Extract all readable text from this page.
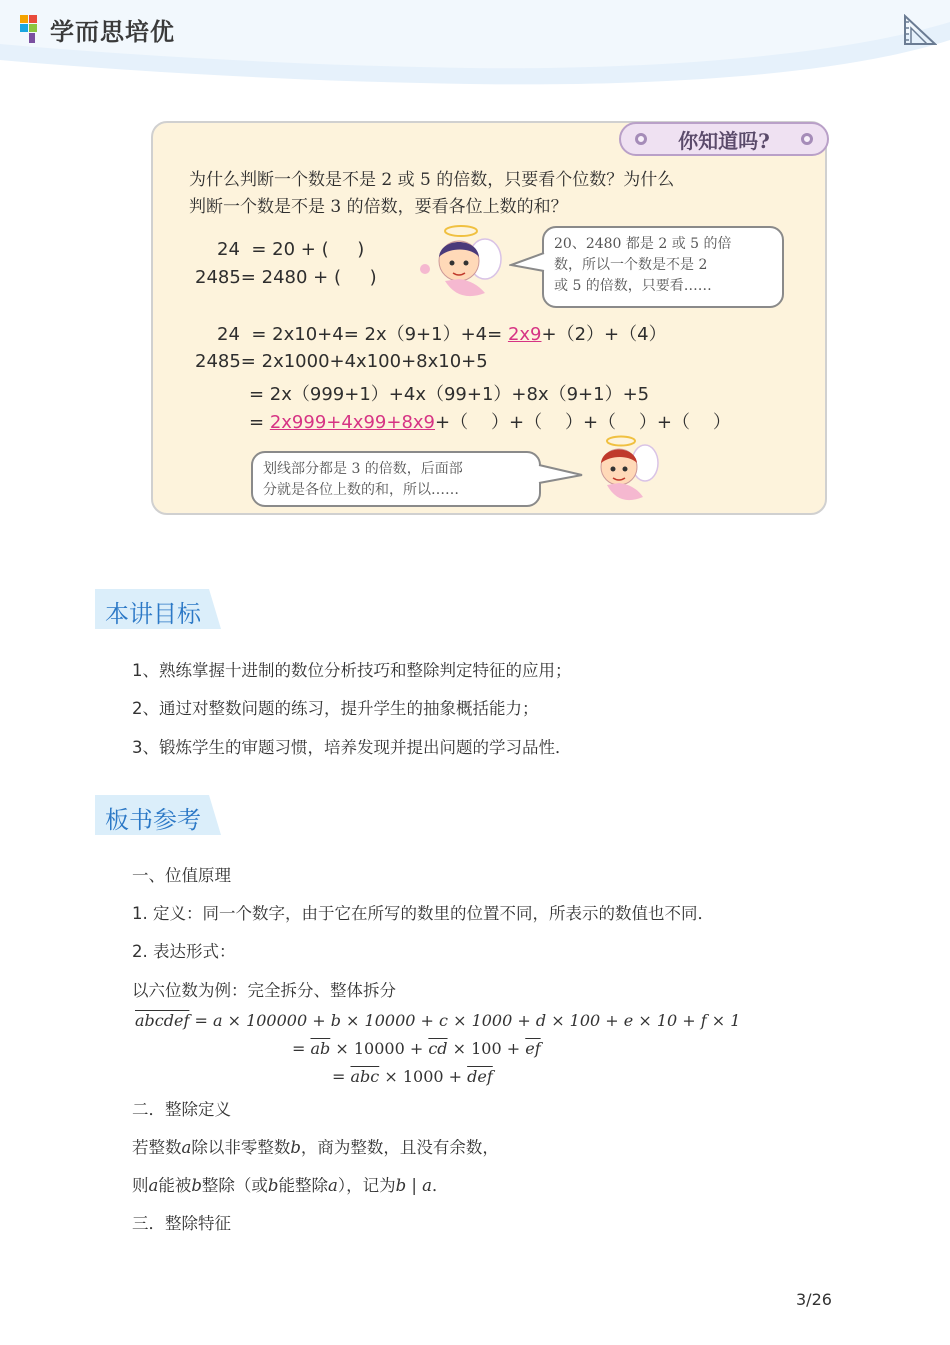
学而思培优
你知道吗?
为什么判断一个数是不是 2 或 5 的倍数，只要看个位数？为什么
判断一个数是不是 3 的倍数，要看各位上数的和？
24  = 20 + (     )
2485= 2480 + (     )
20、2480 都是 2 或 5 的倍
数，所以一个数是不是 2
或 5 的倍数，只要看……
24  = 2x10+4= 2x（9+1）+4= 2x9+（2）+（4）
2485= 2x1000+4x100+8x10+5
= 2x（999+1）+4x（99+1）+8x（9+1）+5
= 2x999+4x99+8x9+（    ）+（    ）+（    ）+（    ）
划线部分都是 3 的倍数，后面部
分就是各位上数的和，所以……
本讲目标
1、熟练掌握十进制的数位分析技巧和整除判定特征的应用；
2、通过对整数问题的练习，提升学生的抽象概括能力；
3、锻炼学生的审题习惯，培养发现并提出问题的学习品性．
板书参考
一、位值原理
1. 定义：同一个数字，由于它在所写的数里的位置不同，所表示的数值也不同．
2. 表达形式：
以六位数为例：完全拆分、整体拆分
abcdef = a × 100000 + b × 10000 + c × 1000 + d × 100 + e × 10 + f × 1
= $\overline{ab} \times 10000 + \overline{cd} \times 100 + \overline{ef}$
= $\overline{abc} \times 1000 + \overline{def}$
二．整除定义
若整数a除以非零整数b，商为整数，且没有余数，
则a能被b整除（或b能整除a），记为b | a．
三．整除特征
3/26
